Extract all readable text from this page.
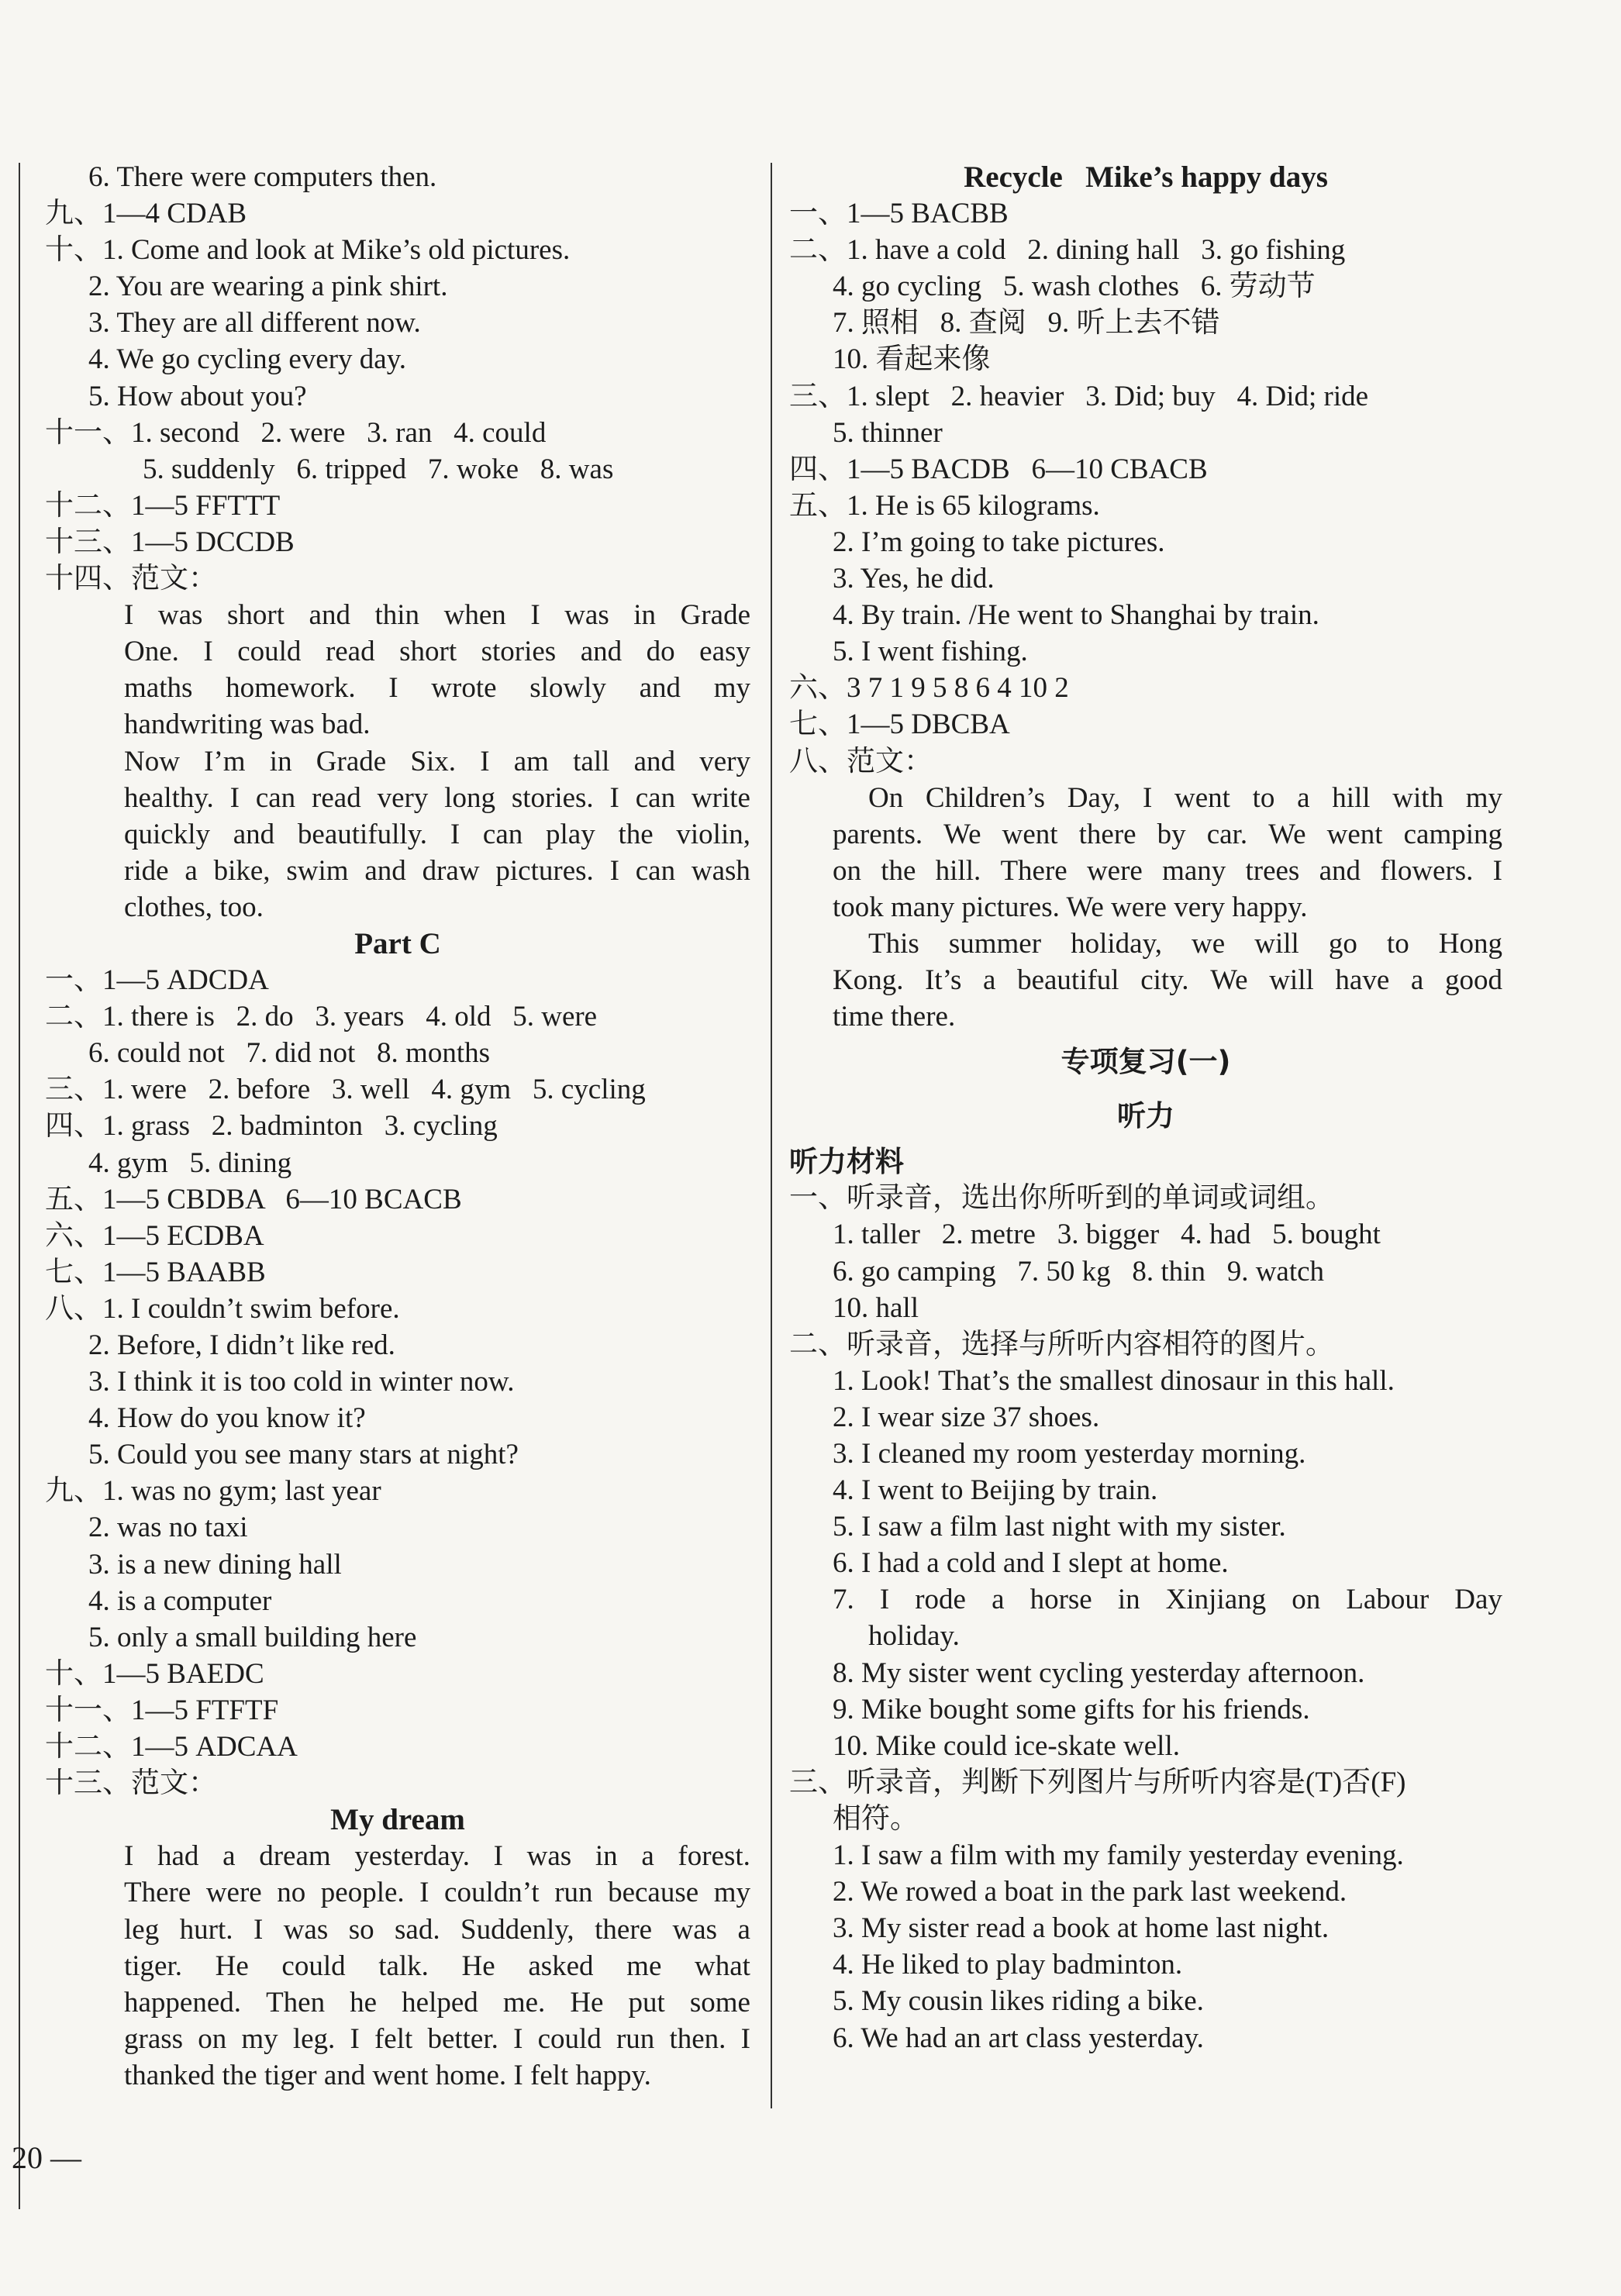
6. There were computers then.
九、1—4 CDAB
十、1. Come and look at Mike’s old pictures.
2. You are wearing a pink shirt.
3. They are all different now.
4. We go cycling every day.
5. How about you?
十一、1. second   2. were   3. ran   4. could
5. suddenly   6. tripped   7. woke   8. was
十二、1—5 FFTTT
十三、1—5 DCCDB
十四、范文：
I was short and thin when I was in Grade
One. I could read short stories and do easy
maths homework. I wrote slowly and my
handwriting was bad.
Now I’m in Grade Six. I am tall and very
healthy. I can read very long stories. I can write
quickly and beautifully. I can play the violin,
ride a bike, swim and draw pictures. I can wash
clothes, too.
Part C
一、1—5 ADCDA
二、1. there is   2. do   3. years   4. old   5. were
6. could not   7. did not   8. months
三、1. were   2. before   3. well   4. gym   5. cycling
四、1. grass   2. badminton   3. cycling
4. gym   5. dining
五、1—5 CBDBA   6—10 BCACB
六、1—5 ECDBA
七、1—5 BAABB
八、1. I couldn’t swim before.
2. Before, I didn’t like red.
3. I think it is too cold in winter now.
4. How do you know it?
5. Could you see many stars at night?
九、1. was no gym; last year
2. was no taxi
3. is a new dining hall
4. is a computer
5. only a small building here
十、1—5 BAEDC
十一、1—5 FTFTF
十二、1—5 ADCAA
十三、范文：
My dream
I had a dream yesterday. I was in a forest.
There were no people. I couldn’t run because my
leg hurt. I was so sad. Suddenly, there was a
tiger. He could talk. He asked me what
happened. Then he helped me. He put some
grass on my leg. I felt better. I could run then. I
thanked the tiger and went home. I felt happy.
Recycle   Mike’s happy days
一、1—5 BACBB
二、1. have a cold   2. dining hall   3. go fishing
4. go cycling   5. wash clothes   6. 劳动节
7. 照相   8. 查阅   9. 听上去不错
10. 看起来像
三、1. slept   2. heavier   3. Did; buy   4. Did; ride
5. thinner
四、1—5 BACDB   6—10 CBACB
五、1. He is 65 kilograms.
2. I’m going to take pictures.
3. Yes, he did.
4. By train. /He went to Shanghai by train.
5. I went fishing.
六、3 7 1 9 5 8 6 4 10 2
七、1—5 DBCBA
八、范文：
On Children’s Day, I went to a hill with my
parents. We went there by car. We went camping
on the hill. There were many trees and flowers. I
took many pictures. We were very happy.
This summer holiday, we will go to Hong
Kong. It’s a beautiful city. We will have a good
time there.
专项复习(一)
听力
听力材料
一、听录音，选出你所听到的单词或词组。
1. taller   2. metre   3. bigger   4. had   5. bought
6. go camping   7. 50 kg   8. thin   9. watch
10. hall
二、听录音，选择与所听内容相符的图片。
1. Look! That’s the smallest dinosaur in this hall.
2. I wear size 37 shoes.
3. I cleaned my room yesterday morning.
4. I went to Beijing by train.
5. I saw a film last night with my sister.
6. I had a cold and I slept at home.
7. I rode a horse in Xinjiang on Labour Day
holiday.
8. My sister went cycling yesterday afternoon.
9. Mike bought some gifts for his friends.
10. Mike could ice-skate well.
三、听录音，判断下列图片与所听内容是(T)否(F)
相符。
1. I saw a film with my family yesterday evening.
2. We rowed a boat in the park last weekend.
3. My sister read a book at home last night.
4. He liked to play badminton.
5. My cousin likes riding a bike.
6. We had an art class yesterday.
20 —
